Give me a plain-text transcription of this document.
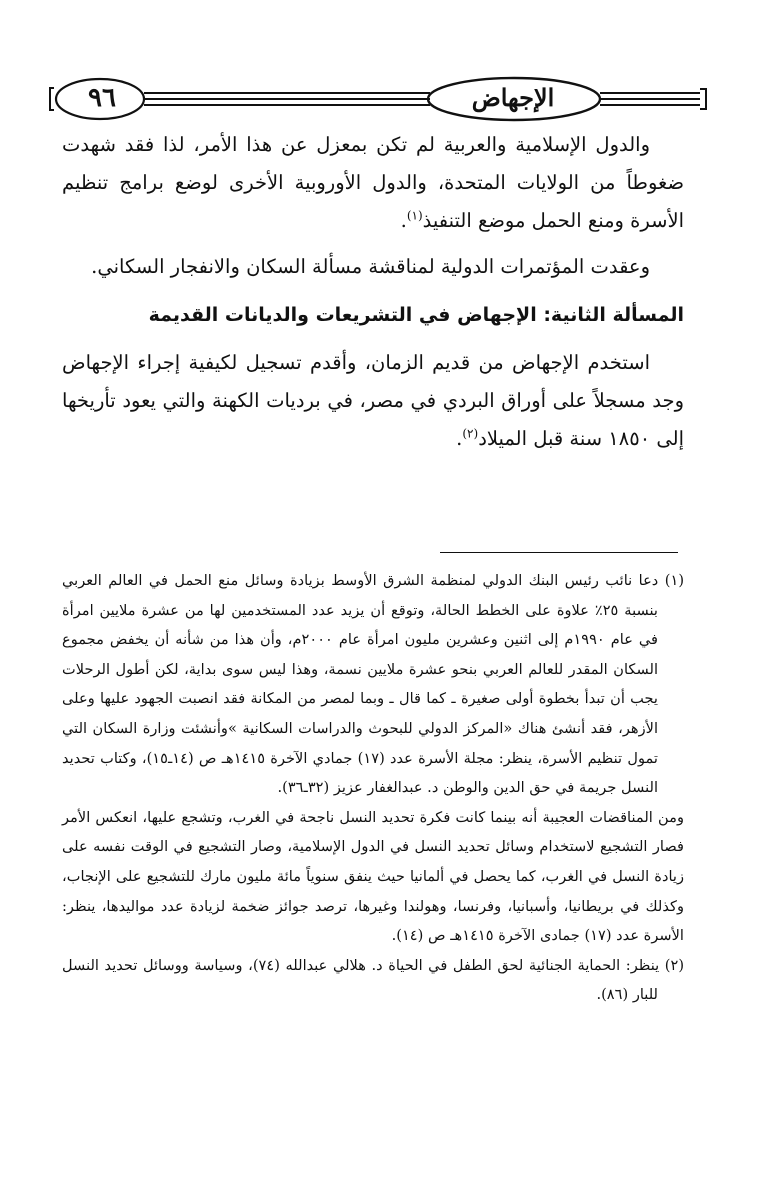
٩٦	الإجهاض

والدول الإسلامية والعربية لم تكن بمعزل عن هذا الأمر، لذا فقد شهدت ضغوطاً من الولايات المتحدة، والدول الأوروبية الأخرى لوضع برامج تنظيم الأسرة ومنع الحمل موضع التنفيذ$^{(١)}$.

وعقدت المؤتمرات الدولية لمناقشة مسألة السكان والانفجار السكاني.

المسألة الثانية: الإجهاض في التشريعات والديانات القديمة

استخدم الإجهاض من قديم الزمان، وأقدم تسجيل لكيفية إجراء الإجهاض وجد مسجلاً على أوراق البردي في مصر، في برديات الكهنة والتي يعود تأريخها إلى ١٨٥٠ سنة قبل الميلاد$^{(٢)}$.

(١) دعا نائب رئيس البنك الدولي لمنظمة الشرق الأوسط بزيادة وسائل منع الحمل في العالم العربي بنسبة ٢٥٪ علاوة على الخطط الحالة، وتوقع أن يزيد عدد المستخدمين لها من عشرة ملايين امرأة في عام ١٩٩٠م إلى اثنين وعشرين مليون امرأة عام ٢٠٠٠م، وأن هذا من شأنه أن يخفض مجموع السكان المقدر للعالم العربي بنحو عشرة ملايين نسمة، وهذا ليس سوى بداية، لكن أطول الرحلات يجب أن تبدأ بخطوة أولى صغيرة ـ كما قال ـ وبما لمصر من المكانة فقد انصبت الجهود عليها وعلى الأزهر، فقد أنشئ هناك «المركز الدولي للبحوث والدراسات السكانية »وأنشئت وزارة السكان التي تمول تنظيم الأسرة، ينظر: مجلة الأسرة عدد (١٧) جمادي الآخرة ١٤١٥هـ ص (١٤ـ١٥)، وكتاب تحديد النسل جريمة في حق الدين والوطن د. عبدالغفار عزيز (٣٢ـ٣٦).

ومن المناقضات العجيبة أنه بينما كانت فكرة تحديد النسل ناجحة في الغرب، وتشجع عليها، انعكس الأمر فصار التشجيع لاستخدام وسائل تحديد النسل في الدول الإسلامية، وصار التشجيع في الوقت نفسه على زيادة النسل في الغرب، كما يحصل في ألمانيا حيث ينفق سنوياً مائة مليون مارك للتشجيع على الإنجاب، وكذلك في بريطانيا، وأسبانيا، وفرنسا، وهولندا وغيرها، ترصد جوائز ضخمة لزيادة عدد مواليدها، ينظر: الأسرة عدد (١٧) جمادى الآخرة ١٤١٥هـ ص (١٤).

(٢) ينظر: الحماية الجنائية لحق الطفل في الحياة د. هلالي عبدالله (٧٤)، وسياسة ووسائل تحديد النسل للبار (٨٦).
